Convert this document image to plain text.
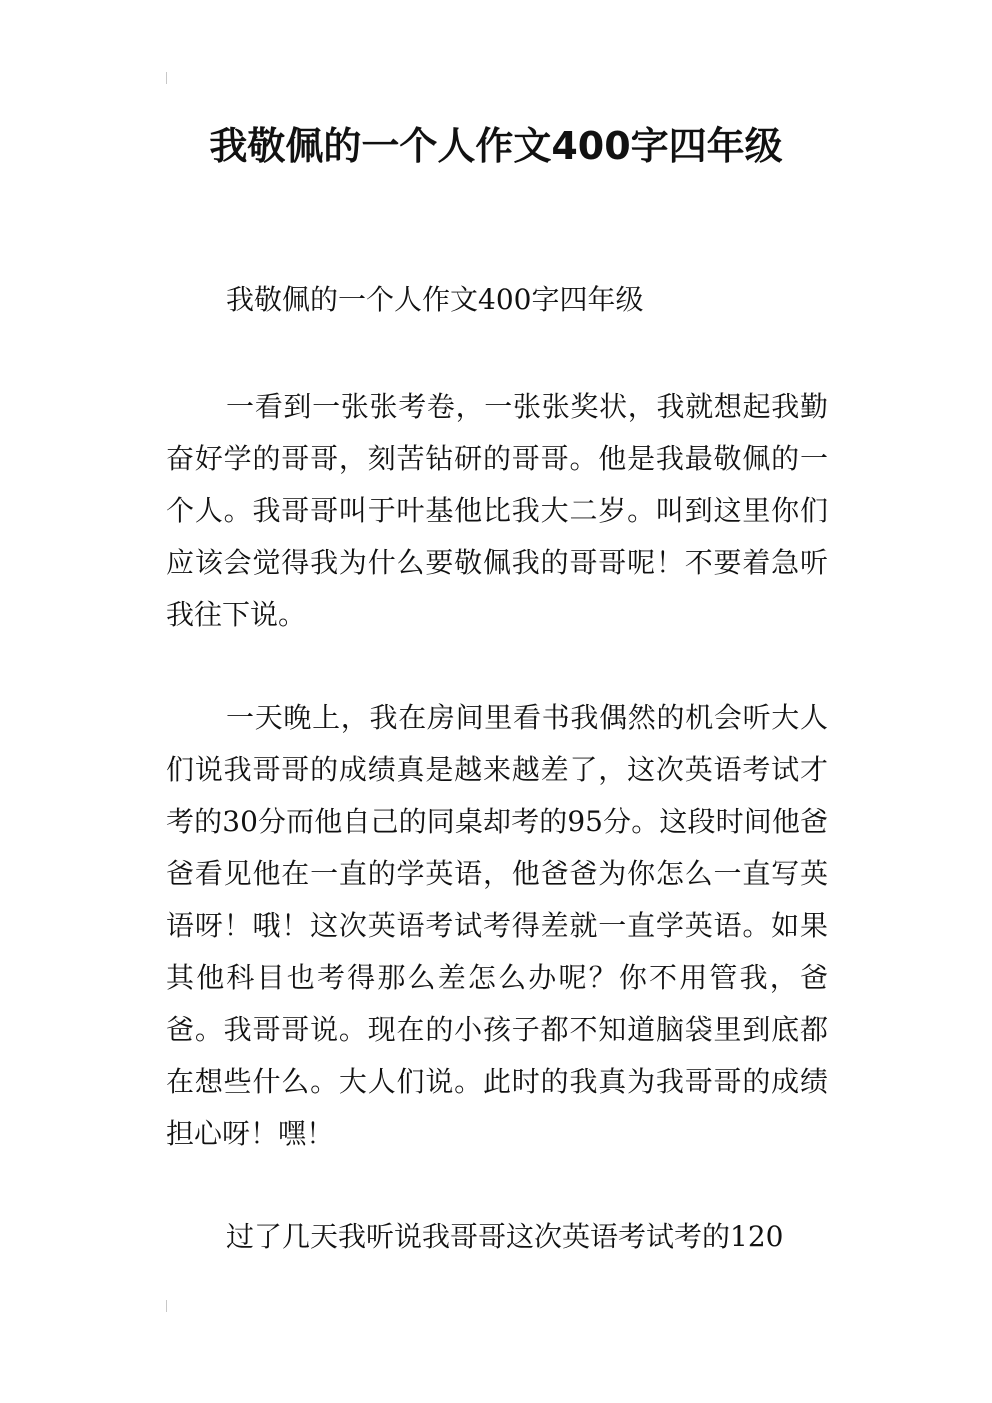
我敬佩的一个人作文400字四年级

我敬佩的一个人作文400字四年级

一看到一张张考卷，一张张奖状，我就想起我勤奋好学的哥哥，刻苦钻研的哥哥。他是我最敬佩的一个人。我哥哥叫于叶基他比我大二岁。叫到这里你们应该会觉得我为什么要敬佩我的哥哥呢！不要着急听我往下说。

一天晚上，我在房间里看书我偶然的机会听大人们说我哥哥的成绩真是越来越差了，这次英语考试才考的30分而他自己的同桌却考的95分。这段时间他爸爸看见他在一直的学英语，他爸爸为你怎么一直写英语呀！哦！这次英语考试考得差就一直学英语。如果其他科目也考得那么差怎么办呢？你不用管我，爸爸。我哥哥说。现在的小孩子都不知道脑袋里到底都在想些什么。大人们说。此时的我真为我哥哥的成绩担心呀！嘿！

过了几天我听说我哥哥这次英语考试考的120
